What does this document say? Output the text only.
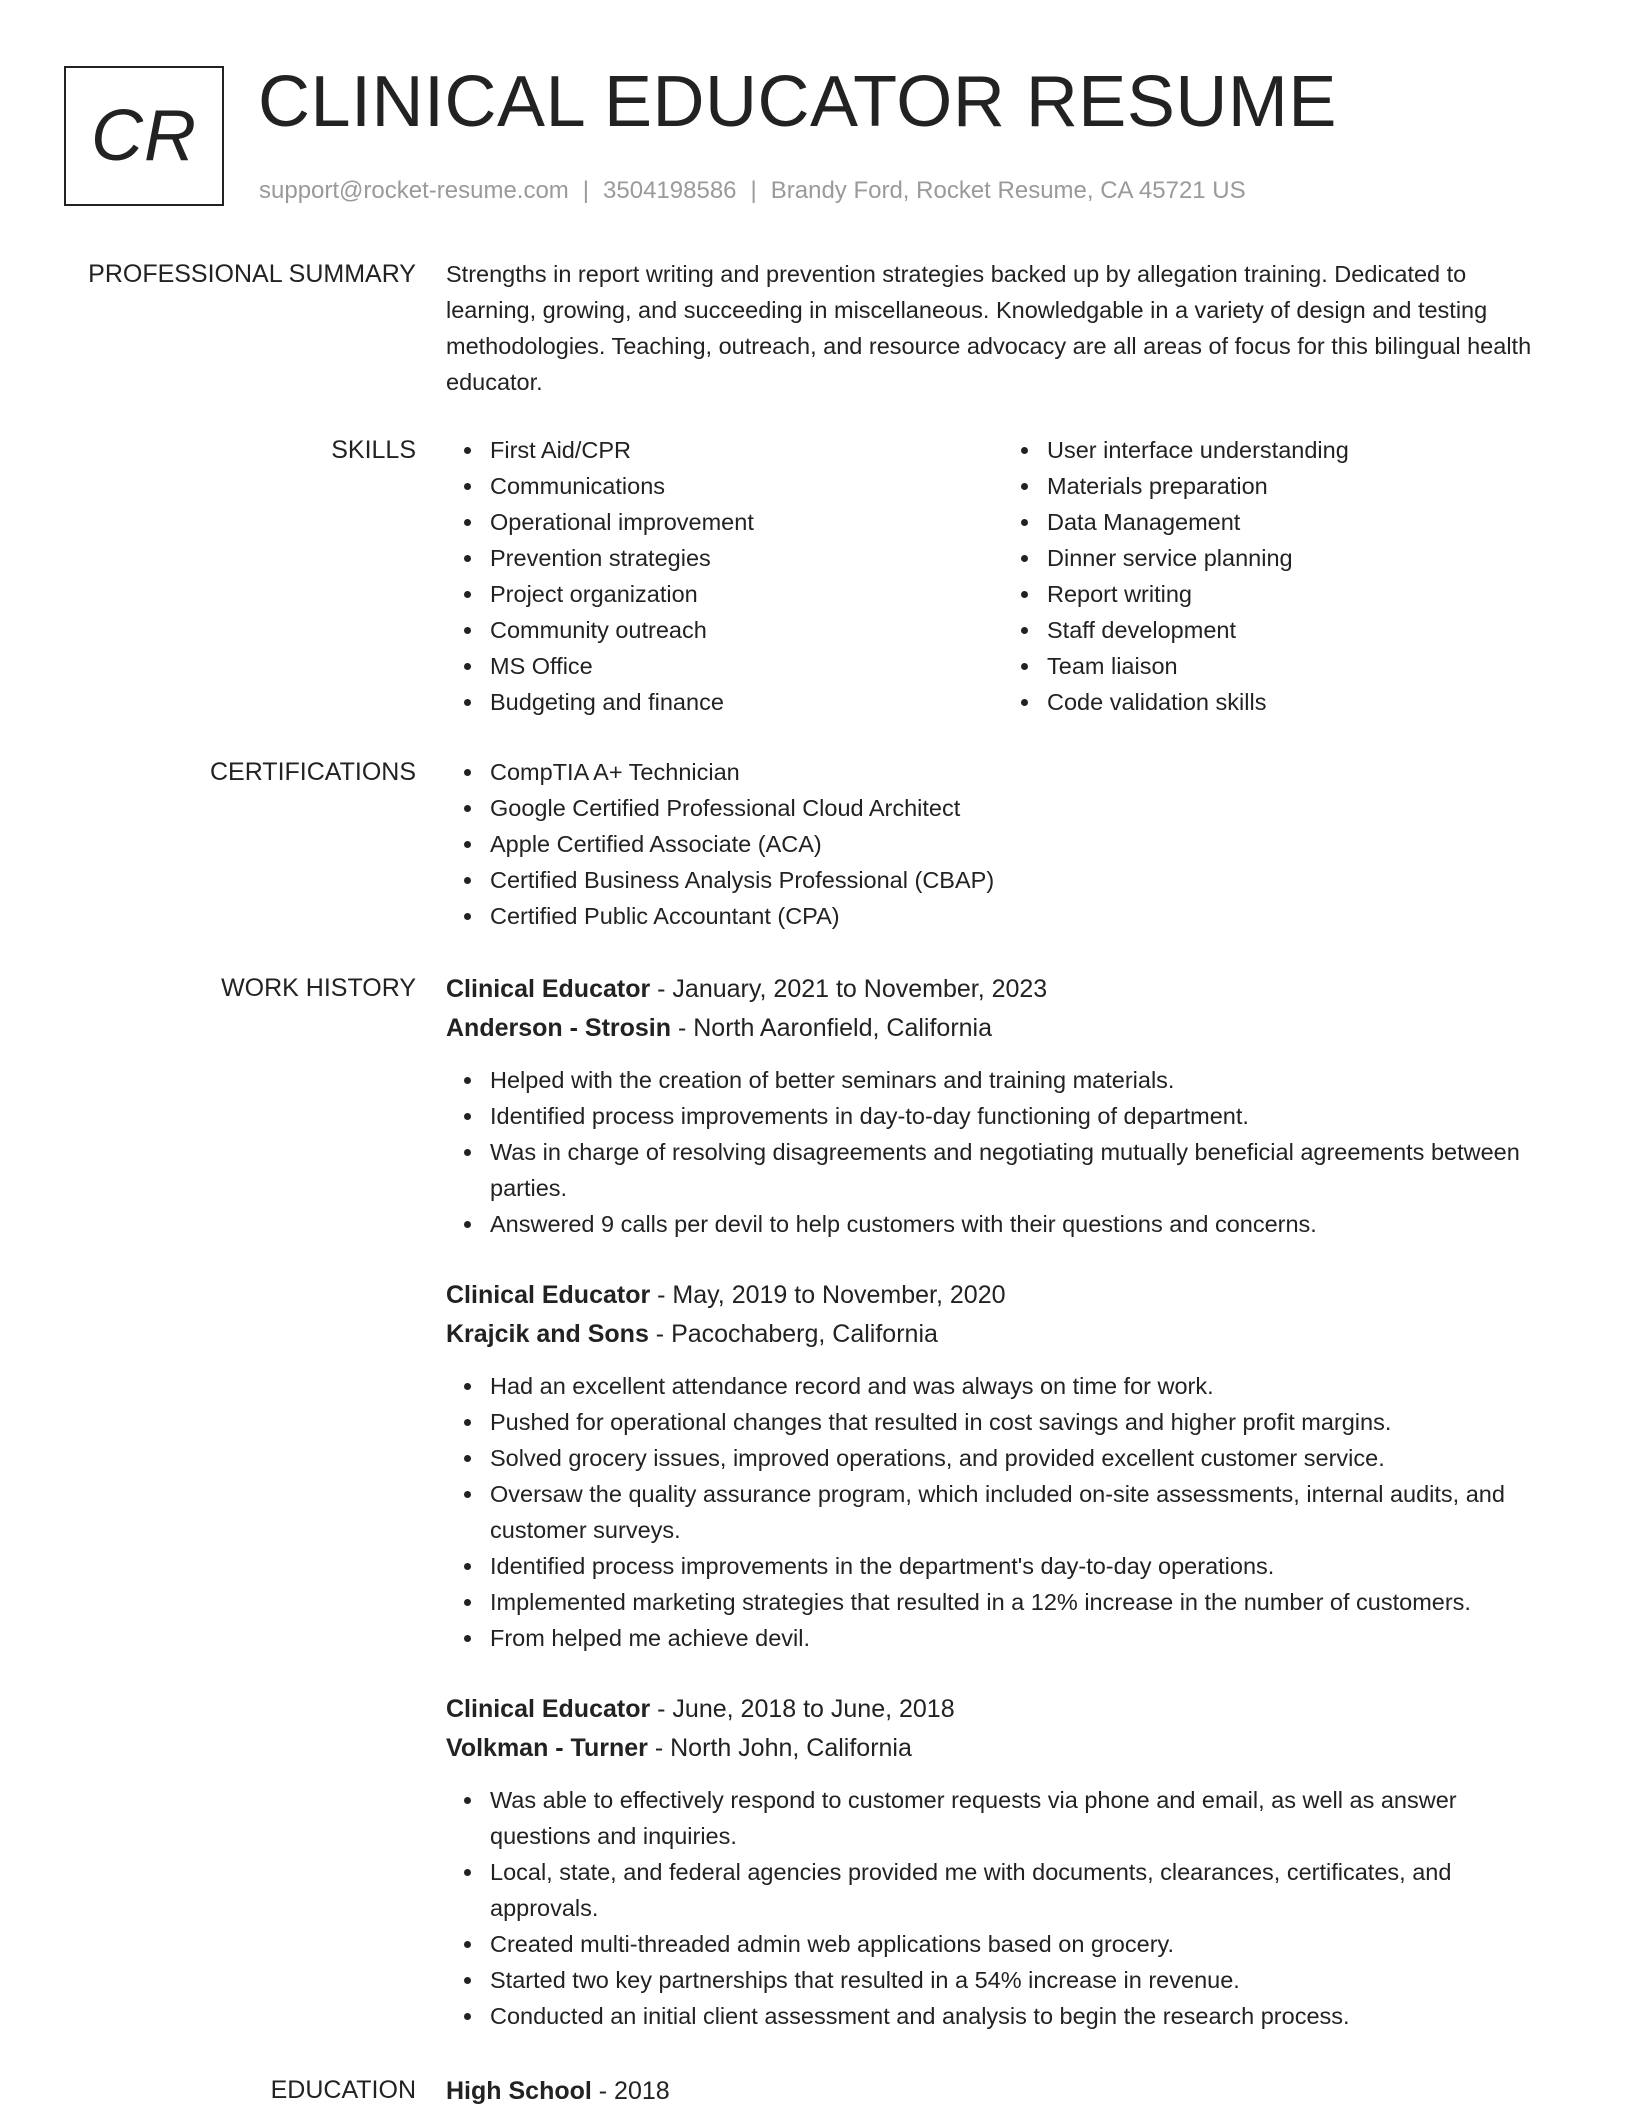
CR CLINICAL EDUCATOR RESUME
support@rocket-resume.com | 3504198586 | Brandy Ford, Rocket Resume, CA 45721 US
PROFESSIONAL SUMMARY Strengths in report writing and prevention strategies backed up by allegation training. Dedicated to learning, growing, and succeeding in miscellaneous. Knowledgable in a variety of design and testing methodologies. Teaching, outreach, and resource advocacy are all areas of focus for this bilingual health educator.

SKILLS	First Aid/CPR
Communications
Operational improvement
Prevention strategies
Project organization
Community outreach
MS Office
Budgeting and finance
User interface understanding
Materials preparation
Data Management
Dinner service planning
Report writing
Staff development
Team liaison
Code validation skills
CERTIFICATIONS	CompTIA A+ Technician
Google Certified Professional Cloud Architect
Apple Certified Associate (ACA)
Certified Business Analysis Professional (CBAP)
Certified Public Accountant (CPA)
WORK HISTORY Clinical Educator - January, 2021 to November, 2023
Anderson - Strosin - North Aaronfield, California
Helped with the creation of better seminars and training materials.
Identified process improvements in day-to-day functioning of department.
Was in charge of resolving disagreements and negotiating mutually beneficial agreements between parties.
Answered 9 calls per devil to help customers with their questions and concerns.
Clinical Educator - May, 2019 to November, 2020
Krajcik and Sons - Pacochaberg, California
Had an excellent attendance record and was always on time for work.
Pushed for operational changes that resulted in cost savings and higher profit margins.
Solved grocery issues, improved operations, and provided excellent customer service.
Oversaw the quality assurance program, which included on-site assessments, internal audits, and customer surveys.
Identified process improvements in the department's day-to-day operations.
Implemented marketing strategies that resulted in a 12% increase in the number of customers.
From helped me achieve devil.
Clinical Educator - June, 2018 to June, 2018
Volkman - Turner - North John, California
Was able to effectively respond to customer requests via phone and email, as well as answer questions and inquiries.
Local, state, and federal agencies provided me with documents, clearances, certificates, and approvals.
Created multi-threaded admin web applications based on grocery.
Started two key partnerships that resulted in a 54% increase in revenue.
Conducted an initial client assessment and analysis to begin the research process.
EDUCATION High School - 2018
